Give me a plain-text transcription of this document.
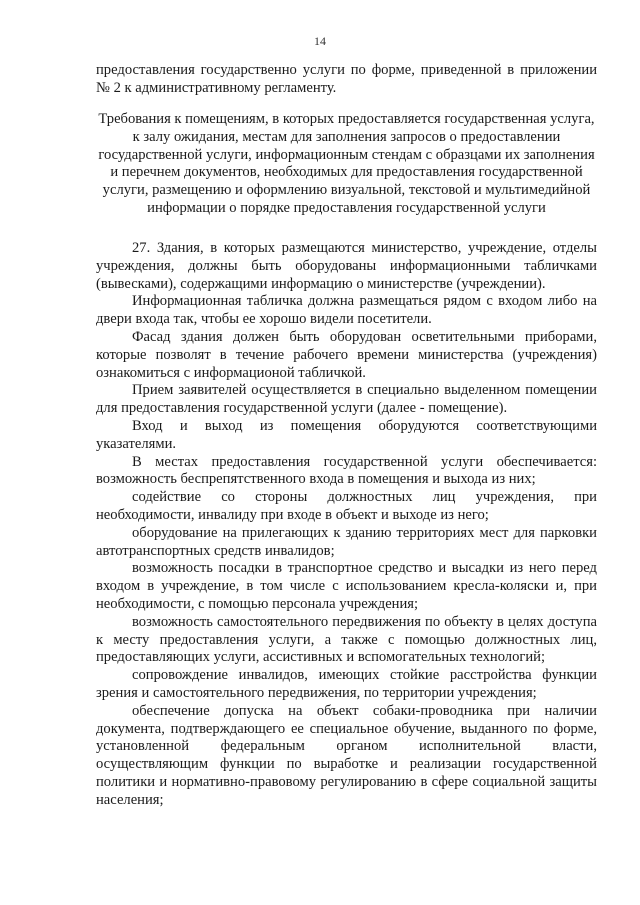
14
предоставления государственно услуги по форме, приведенной в приложении № 2 к административному регламенту.
Требования к помещениям, в которых предоставляется государственная услуга, к залу ожидания, местам для заполнения запросов о предоставлении государственной услуги, информационным стендам с образцами их заполнения и перечнем документов, необходимых для предоставления государственной услуги, размещению и оформлению визуальной, текстовой и мультимедийной информации о порядке предоставления государственной услуги

27. Здания, в которых размещаются министерство, учреждение, отделы учреждения, должны быть оборудованы информационными табличками (вывесками), содержащими информацию о министерстве (учреждении).

Информационная табличка должна размещаться рядом с входом либо на двери входа так, чтобы ее хорошо видели посетители.

Фасад здания должен быть оборудован осветительными приборами, которые позволят в течение рабочего времени министерства (учреждения) ознакомиться с информационой табличкой.

Прием заявителей осуществляется в специально выделенном помещении для предоставления государственной услуги (далее - помещение).

Вход и выход из помещения оборудуются соответствующими указателями.

В местах предоставления государственной услуги обеспечивается: возможность беспрепятственного входа в помещения и выхода из них;

содействие со стороны должностных лиц учреждения, при необходимости, инвалиду при входе в объект и выходе из него;

оборудование на прилегающих к зданию территориях мест для парковки автотранспортных средств инвалидов;

возможность посадки в транспортное средство и высадки из него перед входом в учреждение, в том числе с использованием кресла-коляски и, при необходимости, с помощью персонала учреждения;

возможность самостоятельного передвижения по объекту в целях доступа к месту предоставления услуги, а также с помощью должностных лиц, предоставляющих услуги, ассистивных и вспомогательных технологий;

сопровождение инвалидов, имеющих стойкие расстройства функции зрения и самостоятельного передвижения, по территории учреждения;

обеспечение допуска на объект собаки-проводника при наличии документа, подтверждающего ее специальное обучение, выданного по форме, установленной федеральным органом исполнительной власти, осуществляющим функции по выработке и реализации государственной политики и нормативно-правовому регулированию в сфере социальной защиты населения;
